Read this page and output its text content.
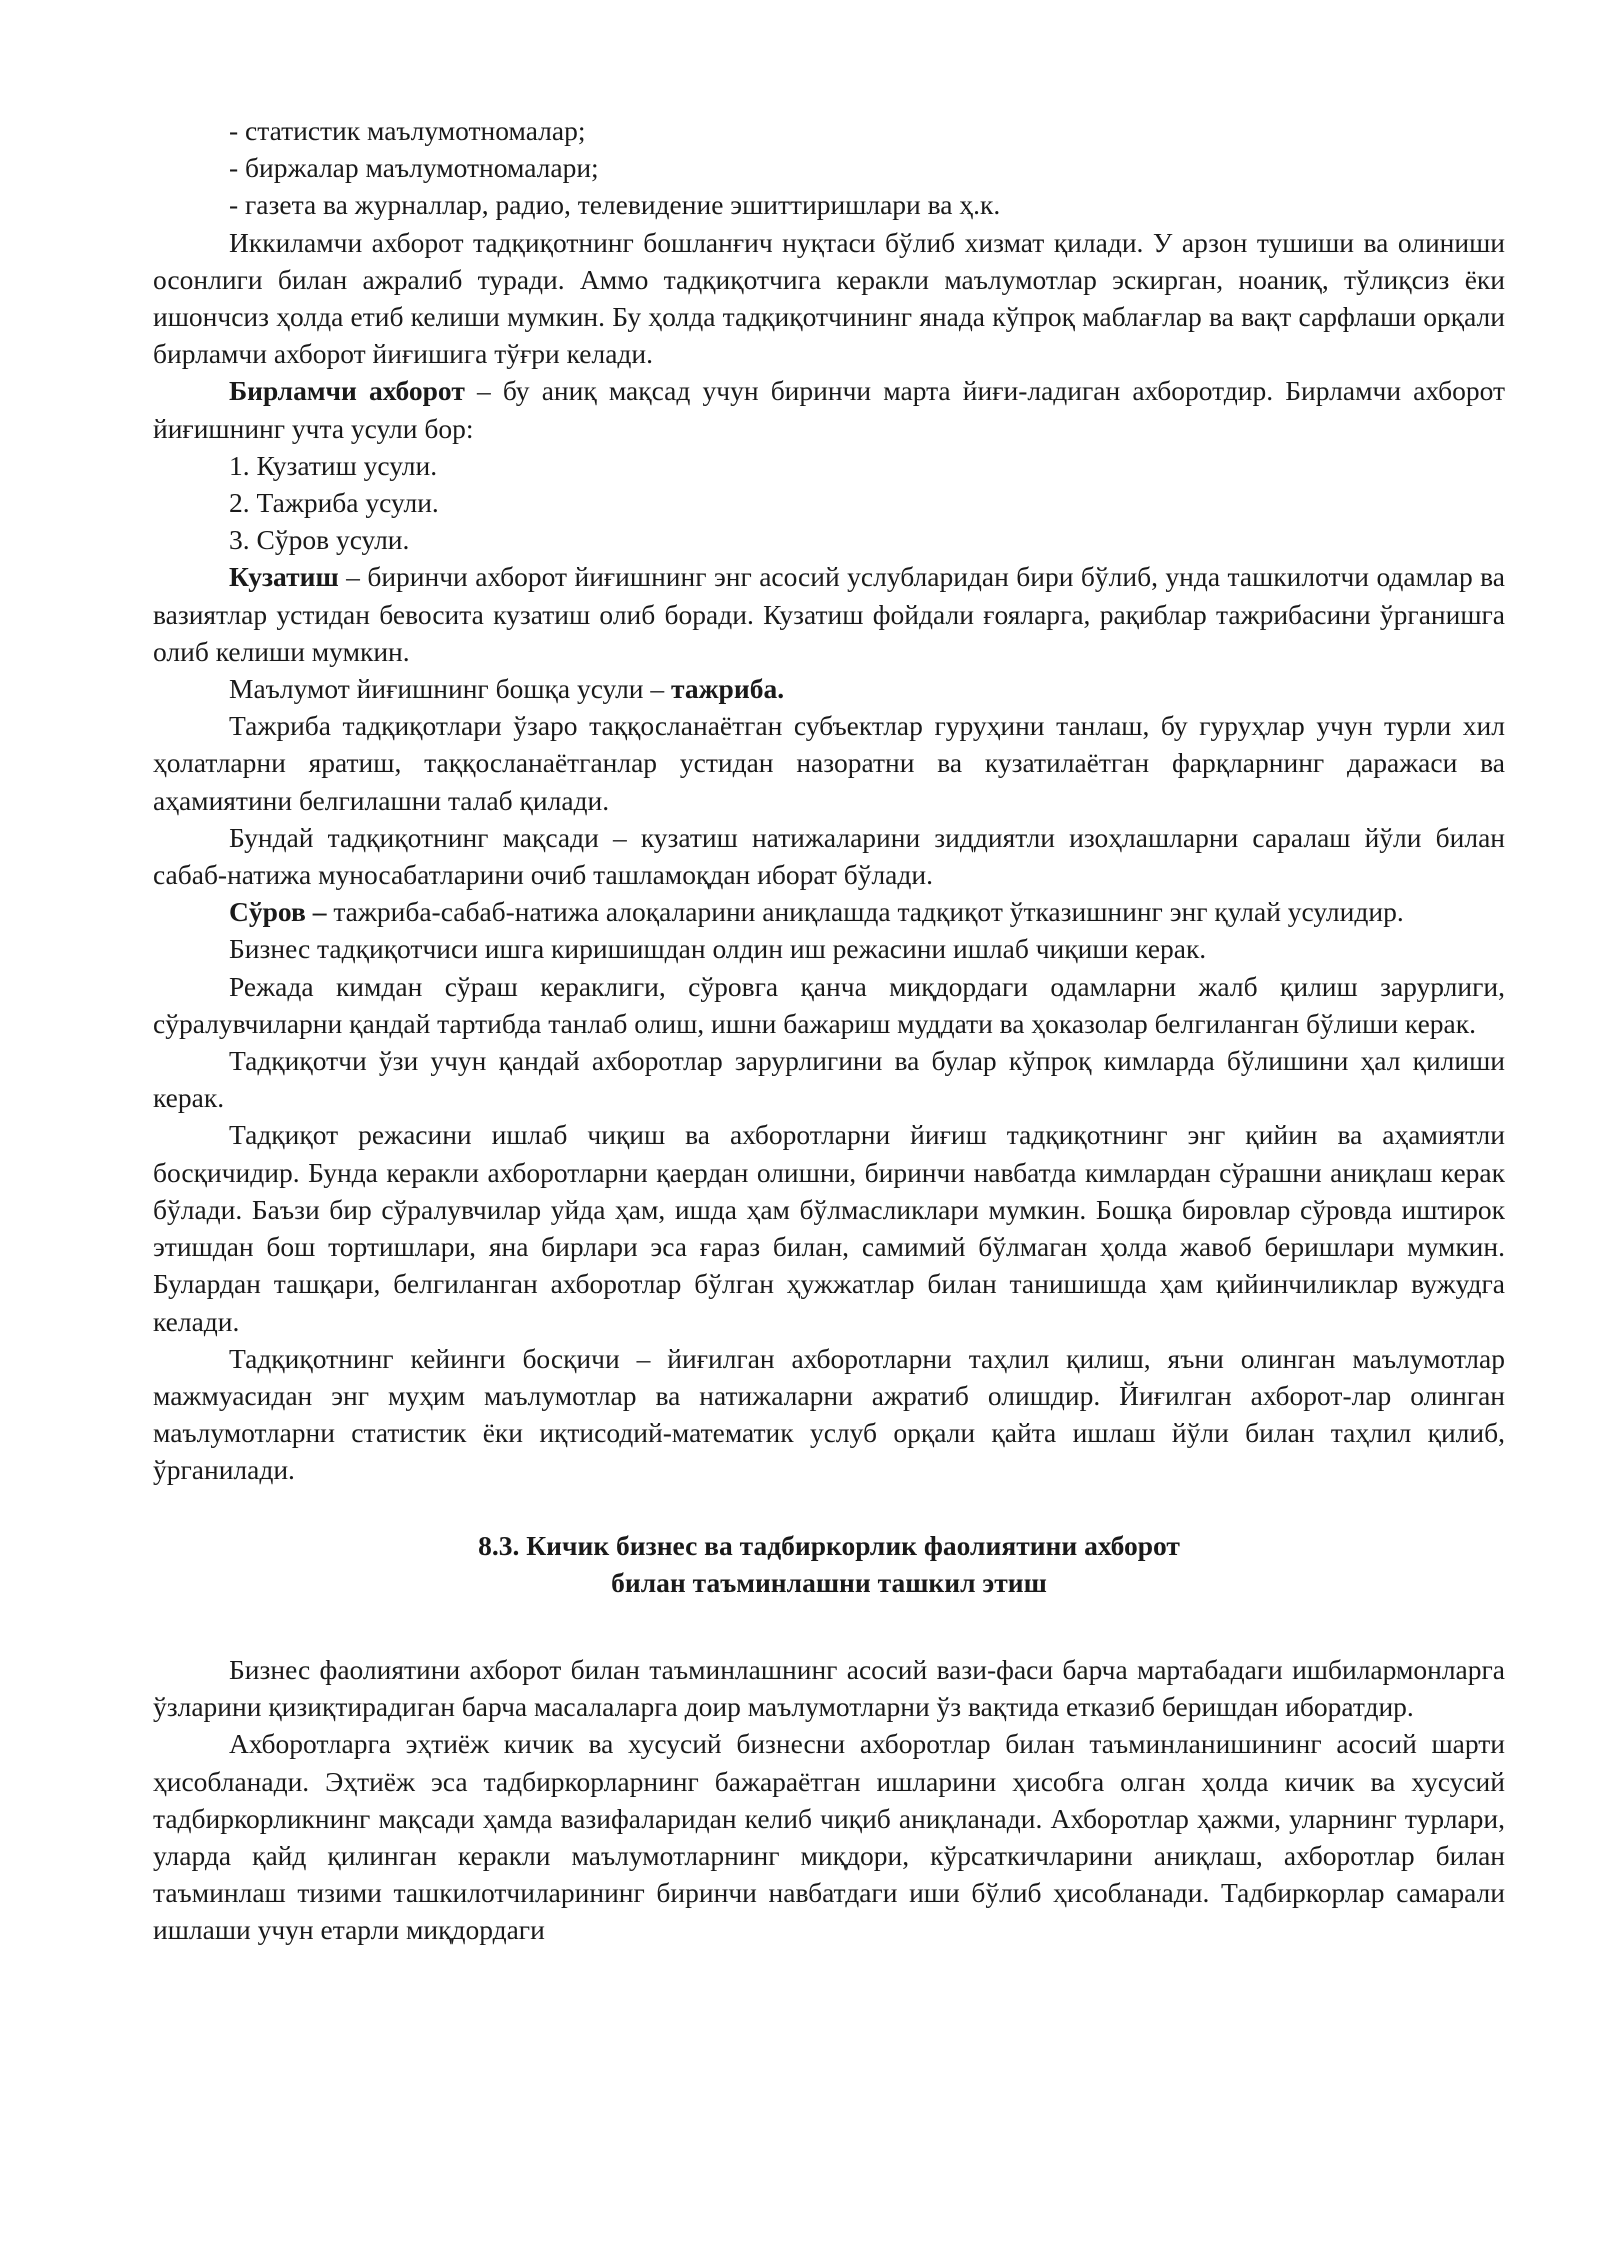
- статистик маълумотномалар;

- биржалар маълумотномалари;

- газета ва журналлар, радио, телевидение эшиттиришлари ва ҳ.к.

Иккиламчи ахборот тадқиқотнинг бошланғич нуқтаси бўлиб хизмат қилади. У арзон тушиши ва олиниши осонлиги билан ажралиб туради. Аммо тадқиқотчига керакли маълумотлар эскирган, ноаниқ, тўлиқсиз ёки ишончсиз ҳолда етиб келиши мумкин. Бу ҳолда тадқиқотчининг янада кўпроқ маблағлар ва вақт сарфлаши орқали бирламчи ахборот йиғишига тўғри келади.

Бирламчи ахборот – бу аниқ мақсад учун биринчи марта йиғи-ладиган ахборотдир. Бирламчи ахборот йиғишнинг учта усули бор:

1. Кузатиш усули.

2. Тажриба усули.

3. Сўров усули.

Кузатиш – биринчи ахборот йиғишнинг энг асосий услубларидан бири бўлиб, унда ташкилотчи одамлар ва вазиятлар устидан бевосита кузатиш олиб боради. Кузатиш фойдали ғояларга, рақиблар тажрибасини ўрганишга олиб келиши мумкин.

Маълумот йиғишнинг бошқа усули – тажриба.

Тажриба тадқиқотлари ўзаро таққосланаётган субъектлар гуруҳини танлаш, бу гуруҳлар учун турли хил ҳолатларни яратиш, таққосланаётганлар устидан назоратни ва кузатилаётган фарқларнинг даражаси ва аҳамиятини белгилашни талаб қилади.

Бундай тадқиқотнинг мақсади – кузатиш натижаларини зиддиятли изоҳлашларни саралаш йўли билан сабаб-натижа муносабатларини очиб ташламоқдан иборат бўлади.

Сўров – тажриба-сабаб-натижа алоқаларини аниқлашда тадқиқот ўтказишнинг энг қулай усулидир.

Бизнес тадқиқотчиси ишга киришишдан олдин иш режасини ишлаб чиқиши керак.

Режада кимдан сўраш кераклиги, сўровга қанча миқдордаги одамларни жалб қилиш зарурлиги, сўралувчиларни қандай тартибда танлаб олиш, ишни бажариш муддати ва ҳоказолар белгиланган бўлиши керак.

Тадқиқотчи ўзи учун қандай ахборотлар зарурлигини ва булар кўпроқ кимларда бўлишини ҳал қилиши керак.

Тадқиқот режасини ишлаб чиқиш ва ахборотларни йиғиш тадқиқотнинг энг қийин ва аҳамиятли босқичидир. Бунда керакли ахборотларни қаердан олишни, биринчи навбатда кимлардан сўрашни аниқлаш керак бўлади. Баъзи бир сўралувчилар уйда ҳам, ишда ҳам бўлмасликлари мумкин. Бошқа бировлар сўровда иштирок этишдан бош тортишлари, яна бирлари эса ғараз билан, самимий бўлмаган ҳолда жавоб беришлари мумкин. Булардан ташқари, белгиланган ахборотлар бўлган ҳужжатлар билан танишишда ҳам қийинчиликлар вужудга келади.

Тадқиқотнинг кейинги босқичи – йиғилган ахборотларни таҳлил қилиш, яъни олинган маълумотлар мажмуасидан энг муҳим маълумотлар ва натижаларни ажратиб олишдир. Йиғилган ахборот-лар олинган маълумотларни статистик ёки иқтисодий-математик услуб орқали қайта ишлаш йўли билан таҳлил қилиб, ўрганилади.

8.3. Кичик бизнес ва тадбиркорлик фаолиятини ахборот
билан таъминлашни ташкил этиш

Бизнес фаолиятини ахборот билан таъминлашнинг асосий вази-фаси барча мартабадаги ишбилармонларга ўзларини қизиқтирадиган барча масалаларга доир маълумотларни ўз вақтида етказиб беришдан иборатдир.

Ахборотларга эҳтиёж кичик ва хусусий бизнесни ахборотлар билан таъминланишининг асосий шарти ҳисобланади. Эҳтиёж эса тадбиркорларнинг бажараётган ишларини ҳисобга олган ҳолда кичик ва хусусий тадбиркорликнинг мақсади ҳамда вазифаларидан келиб чиқиб аниқланади. Ахборотлар ҳажми, уларнинг турлари, уларда қайд қилинган керакли маълумотларнинг миқдори, кўрсаткичларини аниқлаш, ахборотлар билан таъминлаш тизими ташкилотчиларининг биринчи навбатдаги иши бўлиб ҳисобланади. Тадбиркорлар самарали ишлаши учун етарли миқдордаги
